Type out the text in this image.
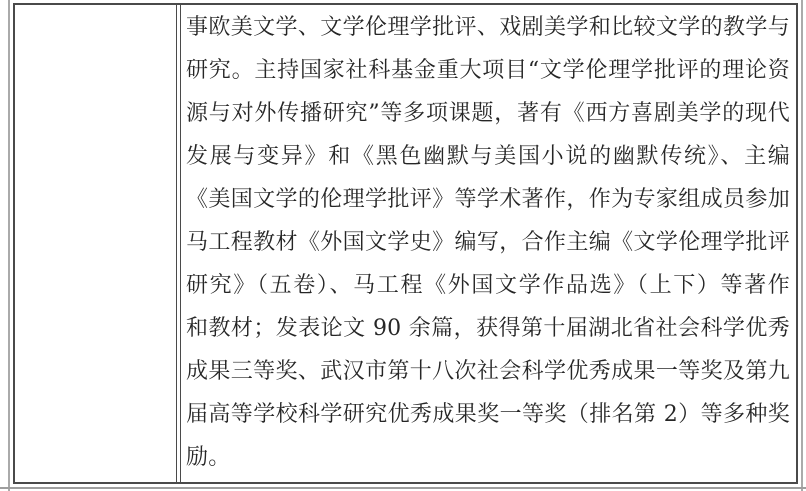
事欧美文学、文学伦理学批评、戏剧美学和比较文学的教学与
研究。主持国家社科基金重大项目“文学伦理学批评的理论资
源与对外传播研究”等多项课题，著有《西方喜剧美学的现代
发展与变异》和《黑色幽默与美国小说的幽默传统》、主编
《美国文学的伦理学批评》等学术著作，作为专家组成员参加
马工程教材《外国文学史》编写，合作主编《文学伦理学批评
研究》（五卷）、马工程《外国文学作品选》（上下）等著作
和教材；发表论文 90 余篇，获得第十届湖北省社会科学优秀
成果三等奖、武汉市第十八次社会科学优秀成果一等奖及第九
届高等学校科学研究优秀成果奖一等奖（排名第 2）等多种奖
励。
